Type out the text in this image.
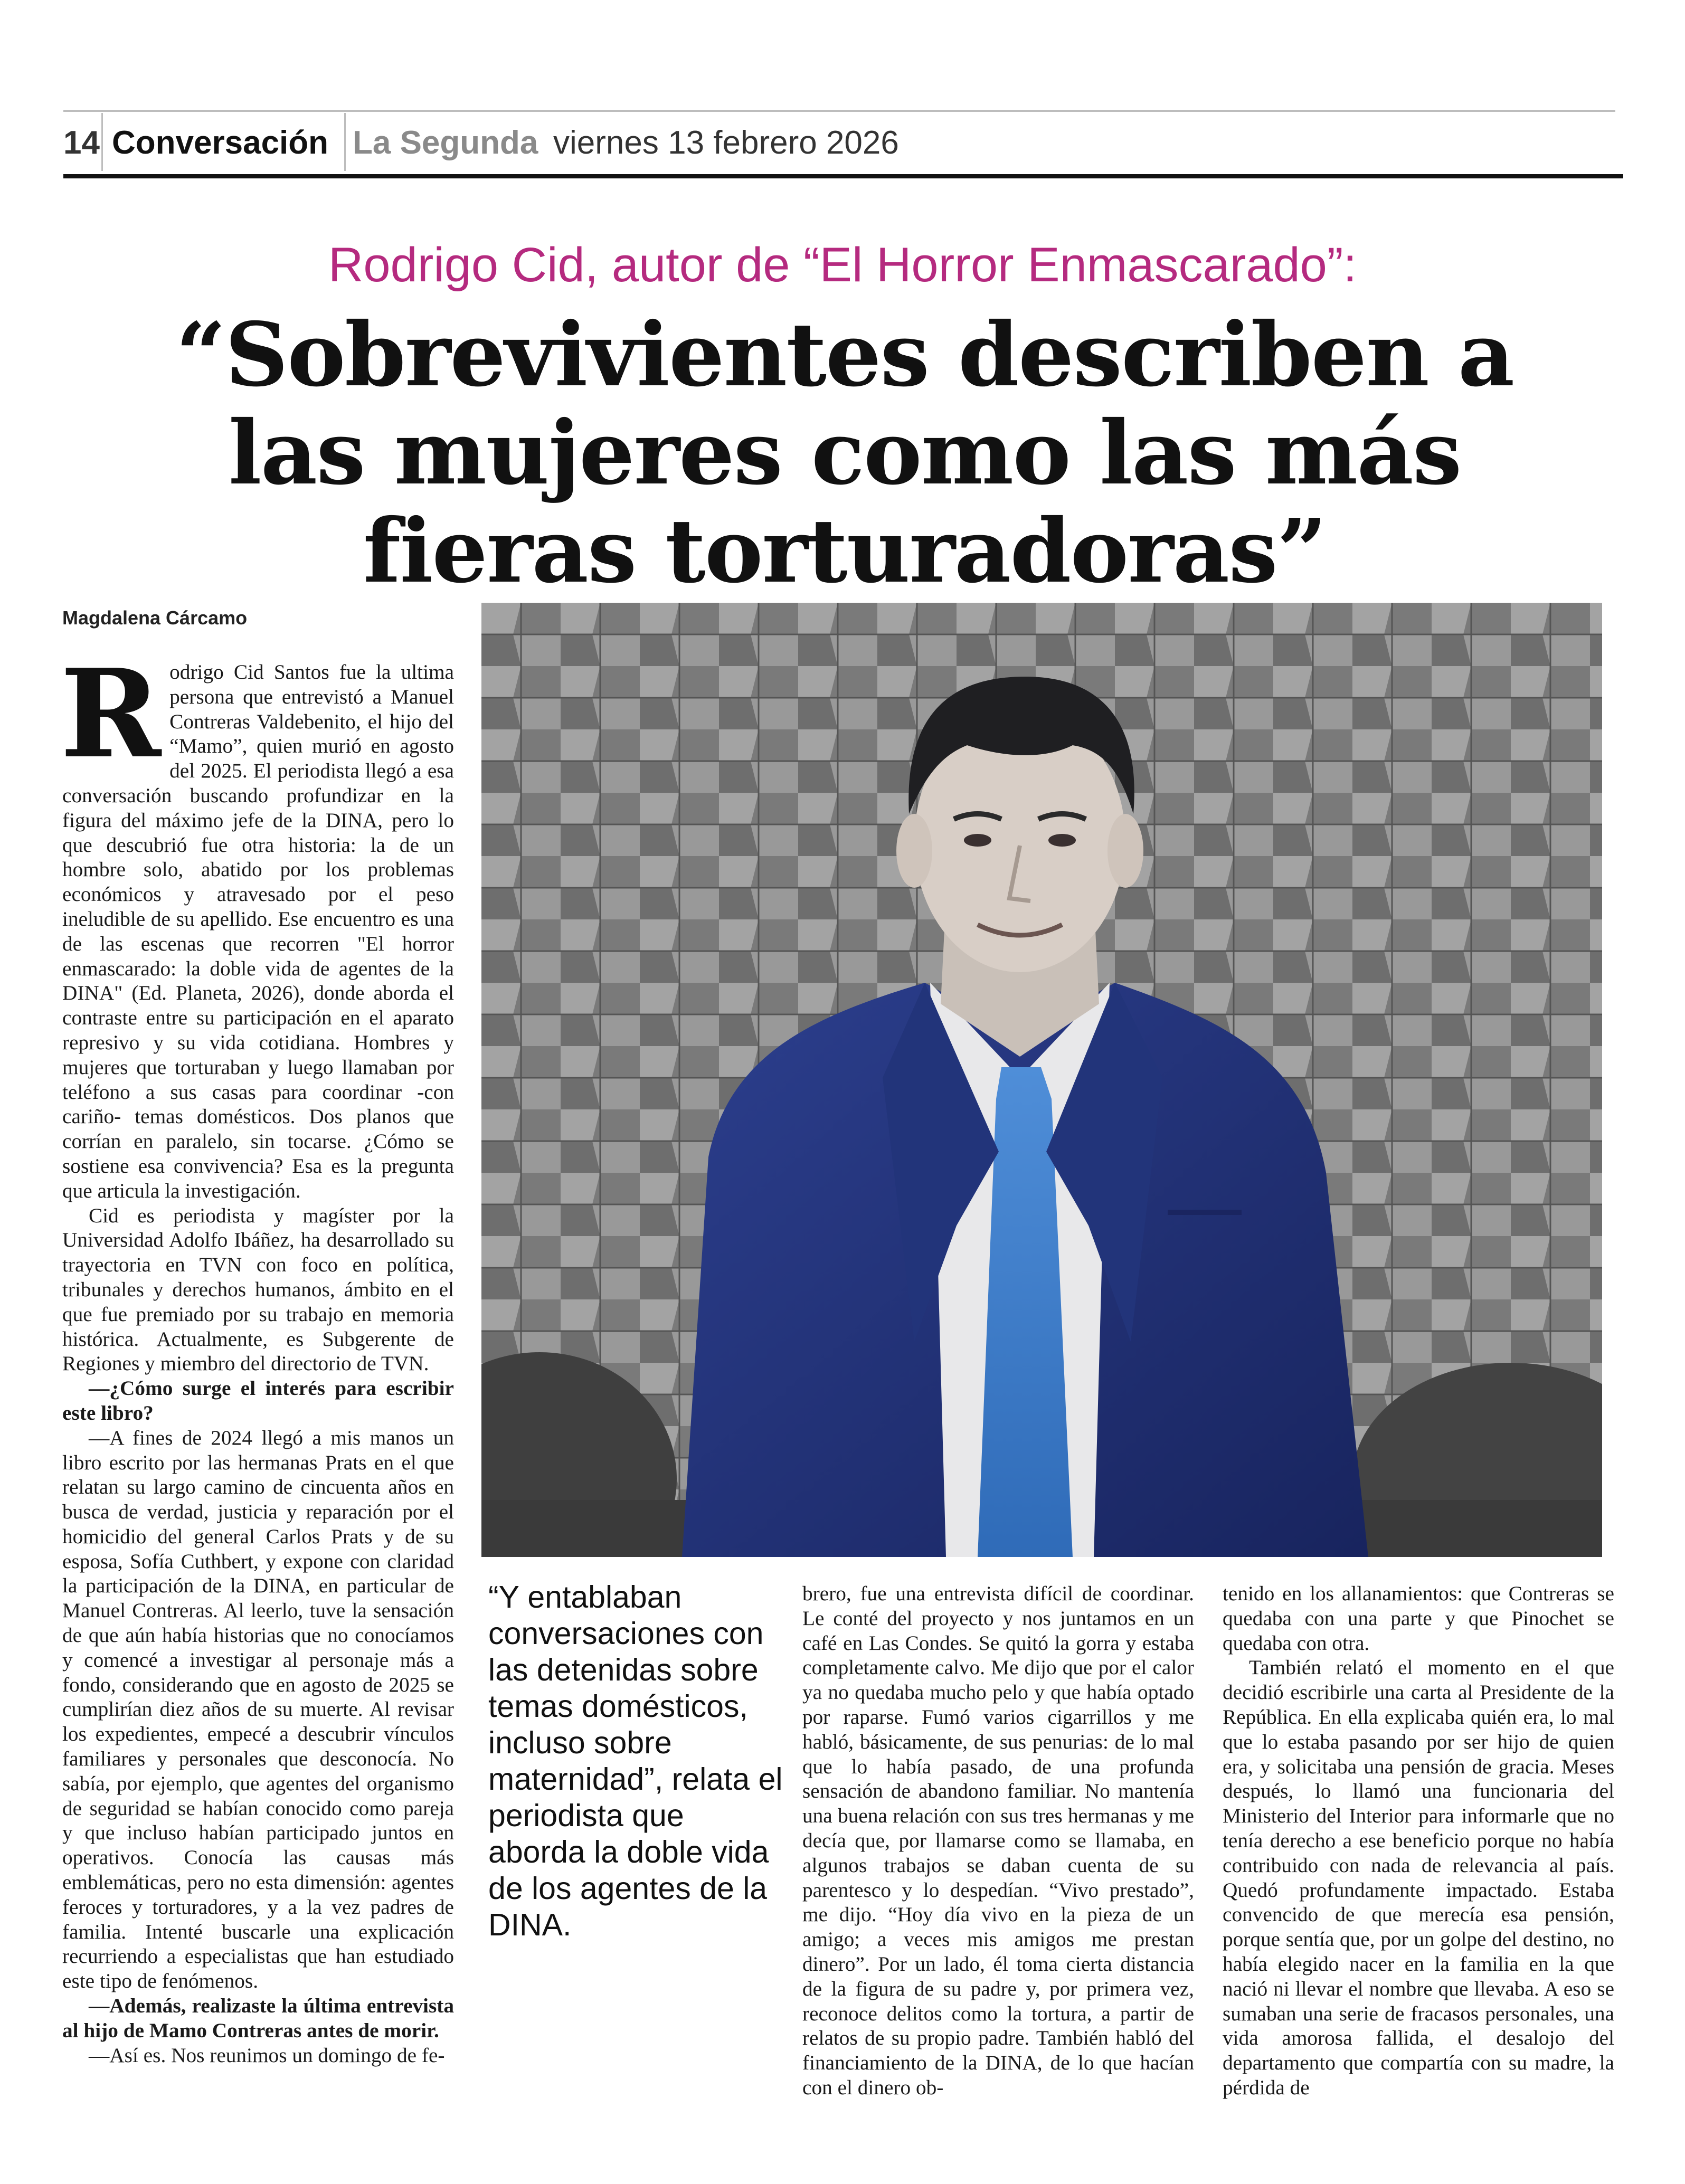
14 Conversación La Segunda viernes 13 febrero 2026
Rodrigo Cid, autor de “El Horror Enmascarado”:
“Sobrevivientes describen a las mujeres como las más fieras torturadoras”
Magdalena Cárcamo

Rodrigo Cid Santos fue la ultima persona que entrevistó a Manuel Contreras Valdebenito, el hijo del “Mamo”, quien murió en agosto del 2025. El periodista llegó a esa conversación buscando profundizar en la figura del máximo jefe de la DINA, pero lo que descubrió fue otra historia: la de un hombre solo, abatido por los problemas económicos y atravesado por el peso ineludible de su apellido. Ese encuentro es una de las escenas que recorren "El horror enmascarado: la doble vida de agentes de la DINA" (Ed. Planeta, 2026), donde aborda el contraste entre su participación en el aparato represivo y su vida cotidiana. Hombres y mujeres que torturaban y luego llamaban por teléfono a sus casas para coordinar -con cariño- temas domésticos. Dos planos que corrían en paralelo, sin tocarse. ¿Cómo se sostiene esa convivencia? Esa es la pregunta que articula la investigación.

Cid es periodista y magíster por la Universidad Adolfo Ibáñez, ha desarrollado su trayectoria en TVN con foco en política, tribunales y derechos humanos, ámbito en el que fue premiado por su trabajo en memoria histórica. Actualmente, es Subgerente de Regiones y miembro del directorio de TVN.

—¿Cómo surge el interés para escribir este libro?

—A fines de 2024 llegó a mis manos un libro escrito por las hermanas Prats en el que relatan su largo camino de cincuenta años en busca de verdad, justicia y reparación por el homicidio del general Carlos Prats y de su esposa, Sofía Cuthbert, y expone con claridad la participación de la DINA, en particular de Manuel Contreras. Al leerlo, tuve la sensación de que aún había historias que no conocíamos y comencé a investigar al personaje más a fondo, considerando que en agosto de 2025 se cumplirían diez años de su muerte. Al revisar los expedientes, empecé a descubrir vínculos familiares y personales que desconocía. No sabía, por ejemplo, que agentes del organismo de seguridad se habían conocido como pareja y que incluso habían participado juntos en operativos. Conocía las causas más emblemáticas, pero no esta dimensión: agentes feroces y torturadores, y a la vez padres de familia. Intenté buscarle una explicación recurriendo a especialistas que han estudiado este tipo de fenómenos.

—Además, realizaste la última entrevista al hijo de Mamo Contreras antes de morir.

—Así es. Nos reunimos un domingo de fe-

“Y entablaban conversaciones con las detenidas sobre temas domésticos, incluso sobre maternidad”, relata el periodista que aborda la doble vida de los agentes de la DINA.

brero, fue una entrevista difícil de coordinar. Le conté del proyecto y nos juntamos en un café en Las Condes. Se quitó la gorra y estaba completamente calvo. Me dijo que por el calor ya no quedaba mucho pelo y que había optado por raparse. Fumó varios cigarrillos y me habló, básicamente, de sus penurias: de lo mal que lo había pasado, de una profunda sensación de abandono familiar. No mantenía una buena relación con sus tres hermanas y me decía que, por llamarse como se llamaba, en algunos trabajos se daban cuenta de su parentesco y lo despedían. “Vivo prestado”, me dijo. “Hoy día vivo en la pieza de un amigo; a veces mis amigos me prestan dinero”. Por un lado, él toma cierta distancia de la figura de su padre y, por primera vez, reconoce delitos como la tortura, a partir de relatos de su propio padre. También habló del financiamiento de la DINA, de lo que hacían con el dinero ob-

tenido en los allanamientos: que Contreras se quedaba con una parte y que Pinochet se quedaba con otra.

También relató el momento en el que decidió escribirle una carta al Presidente de la República. En ella explicaba quién era, lo mal que lo estaba pasando por ser hijo de quien era, y solicitaba una pensión de gracia. Meses después, lo llamó una funcionaria del Ministerio del Interior para informarle que no tenía derecho a ese beneficio porque no había contribuido con nada de relevancia al país. Quedó profundamente impactado. Estaba convencido de que merecía esa pensión, porque sentía que, por un golpe del destino, no había elegido nacer en la familia en la que nació ni llevar el nombre que llevaba. A eso se sumaban una serie de fracasos personales, una vida amorosa fallida, el desalojo del departamento que compartía con su madre, la pérdida de
